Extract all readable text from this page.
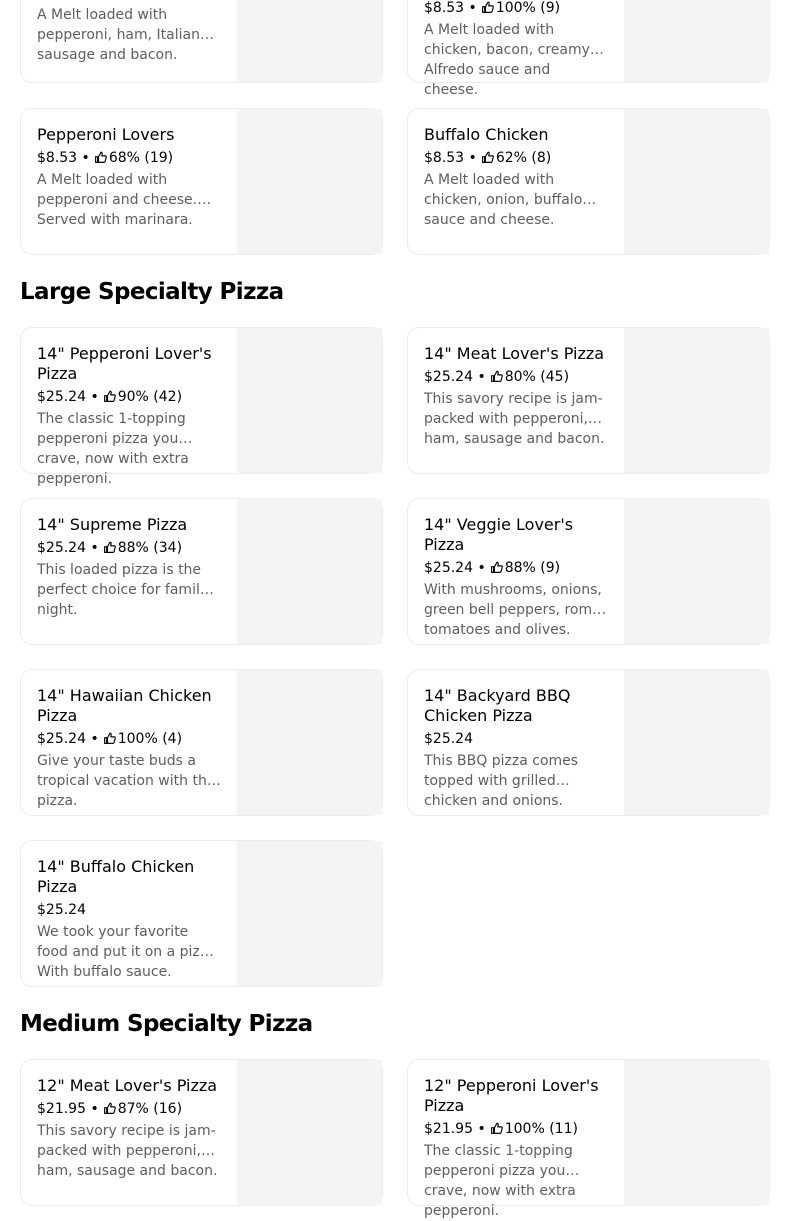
A Melt loaded with pepperoni, ham, Italian sausage and bacon.
$8.53 • 100% (9)
A Melt loaded with chicken, bacon, creamy Alfredo sauce and cheese.
Pepperoni Lovers
$8.53 • 68% (19)
A Melt loaded with pepperoni and cheese. Served with marinara.
Buffalo Chicken
$8.53 • 62% (8)
A Melt loaded with chicken, onion, buffalo sauce and cheese.
Large Specialty Pizza
14" Pepperoni Lover's Pizza
$25.24 • 90% (42)
The classic 1-topping pepperoni pizza you crave, now with extra pepperoni.
14" Meat Lover's Pizza
$25.24 • 80% (45)
This savory recipe is jam-packed with pepperoni, ham, sausage and bacon.
14" Supreme Pizza
$25.24 • 88% (34)
This loaded pizza is the perfect choice for family night.
14" Veggie Lover's Pizza
$25.24 • 88% (9)
With mushrooms, onions, green bell peppers, roma tomatoes and olives.
14" Hawaiian Chicken Pizza
$25.24 • 100% (4)
Give your taste buds a tropical vacation with this pizza.
14" Backyard BBQ Chicken Pizza
$25.24
This BBQ pizza comes topped with grilled chicken and onions.
14" Buffalo Chicken Pizza
$25.24
We took your favorite food and put it on a pizza. With buffalo sauce.
Medium Specialty Pizza
12" Meat Lover's Pizza
$21.95 • 87% (16)
This savory recipe is jam-packed with pepperoni, ham, sausage and bacon.
12" Pepperoni Lover's Pizza
$21.95 • 100% (11)
The classic 1-topping pepperoni pizza you crave, now with extra pepperoni.
